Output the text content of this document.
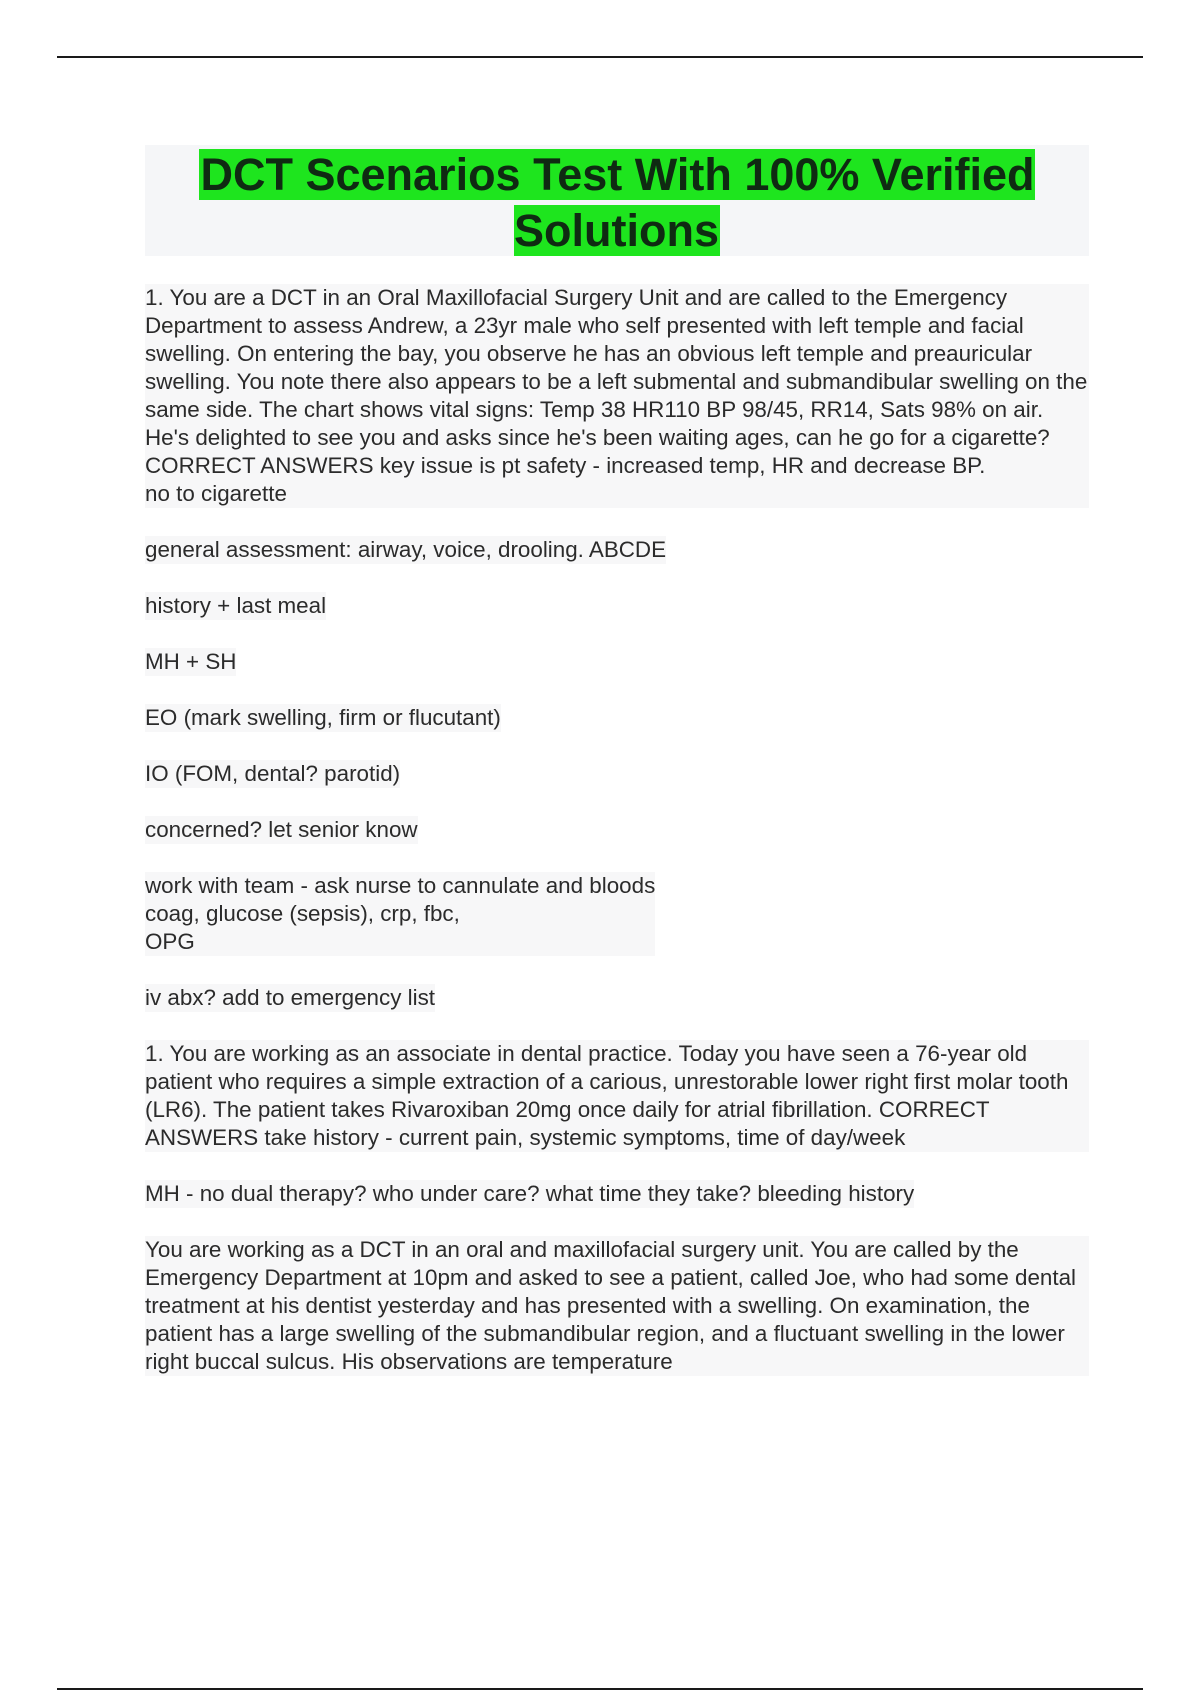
DCT Scenarios Test With 100% Verified Solutions

1. You are a DCT in an Oral Maxillofacial Surgery Unit and are called to the Emergency Department to assess Andrew, a 23yr male who self presented with left temple and facial swelling. On entering the bay, you observe he has an obvious left temple and preauricular swelling. You note there also appears to be a left submental and submandibular swelling on the same side. The chart shows vital signs: Temp 38 HR110 BP 98/45, RR14, Sats 98% on air. He's delighted to see you and asks since he's been waiting ages, can he go for a cigarette? CORRECT ANSWERS key issue is pt safety - increased temp, HR and decrease BP.
no to cigarette

general assessment: airway, voice, drooling. ABCDE

history + last meal

MH + SH

EO (mark swelling, firm or flucutant)

IO (FOM, dental? parotid)

concerned? let senior know

work with team - ask nurse to cannulate and bloods
coag, glucose (sepsis), crp, fbc,
OPG

iv abx? add to emergency list

1. You are working as an associate in dental practice. Today you have seen a 76-year old patient who requires a simple extraction of a carious, unrestorable lower right first molar tooth (LR6). The patient takes Rivaroxiban 20mg once daily for atrial fibrillation. CORRECT ANSWERS take history - current pain, systemic symptoms, time of day/week

MH - no dual therapy? who under care? what time they take? bleeding history

You are working as a DCT in an oral and maxillofacial surgery unit. You are called by the Emergency Department at 10pm and asked to see a patient, called Joe, who had some dental treatment at his dentist yesterday and has presented with a swelling. On examination, the patient has a large swelling of the submandibular region, and a fluctuant swelling in the lower right buccal sulcus. His observations are temperature
